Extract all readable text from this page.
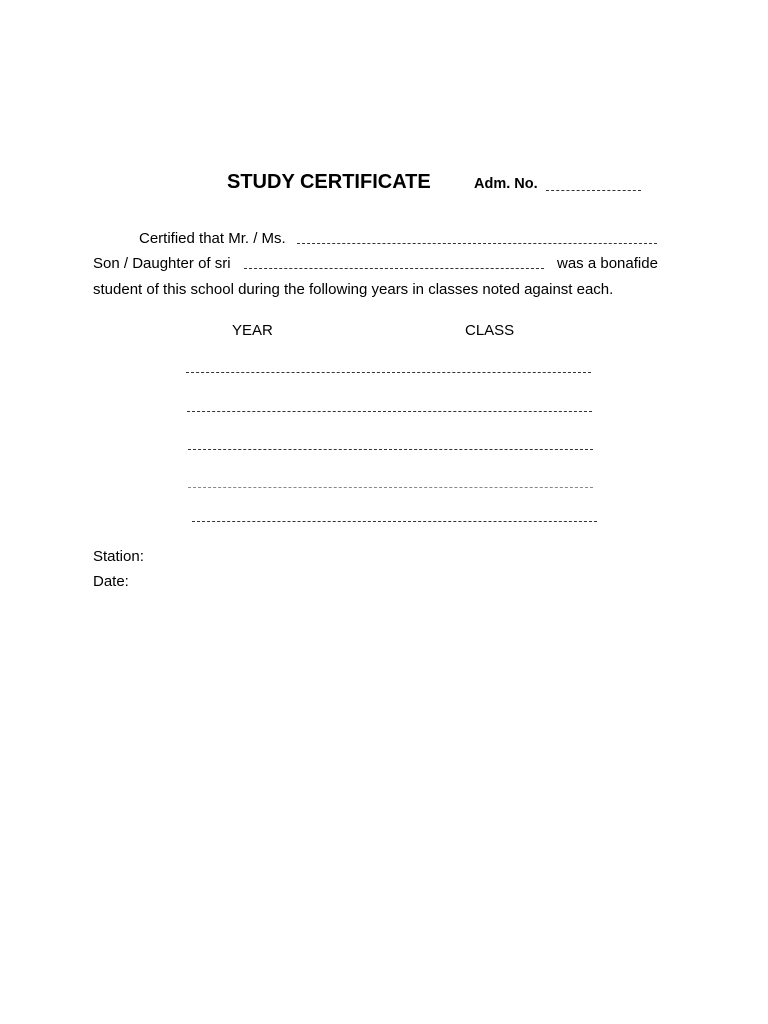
STUDY CERTIFICATE	Adm. No.
Certified that Mr. / Ms.
Son / Daughter of sri	was a bonafide
student of this school during the following years in classes noted against each.
YEAR	CLASS
Station:
Date:
